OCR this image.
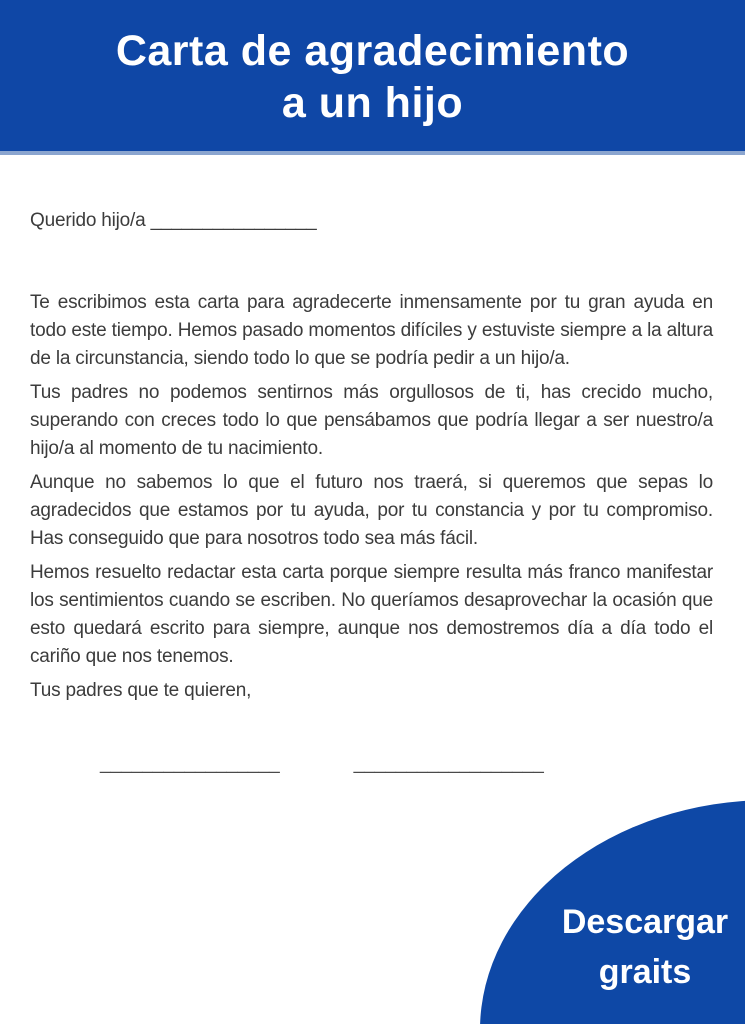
Carta de agradecimiento
a un hijo

Querido hijo/a ________________

Te escribimos esta carta para agradecerte inmensamente por tu gran ayuda en todo este tiempo. Hemos pasado momentos difíciles y estuviste siempre a la altura de la circunstancia, siendo todo lo que se podría pedir a un hijo/a.

Tus padres no podemos sentirnos más orgullosos de ti, has crecido mucho, superando con creces todo lo que pensábamos que podría llegar a ser nuestro/a hijo/a al momento de tu nacimiento.

Aunque no sabemos lo que el futuro nos traerá, si queremos que sepas lo agradecidos que estamos por tu ayuda, por tu constancia y por tu compromiso. Has conseguido que para nosotros todo sea más fácil.

Hemos resuelto redactar esta carta porque siempre resulta más franco manifestar los sentimientos cuando se escriben. No queríamos desaprovechar la ocasión que esto quedará escrito para siempre, aunque nos demostremos día a día todo el cariño que nos tenemos.

Tus padres que te quieren,

_________________	__________________
Descargar
graits
